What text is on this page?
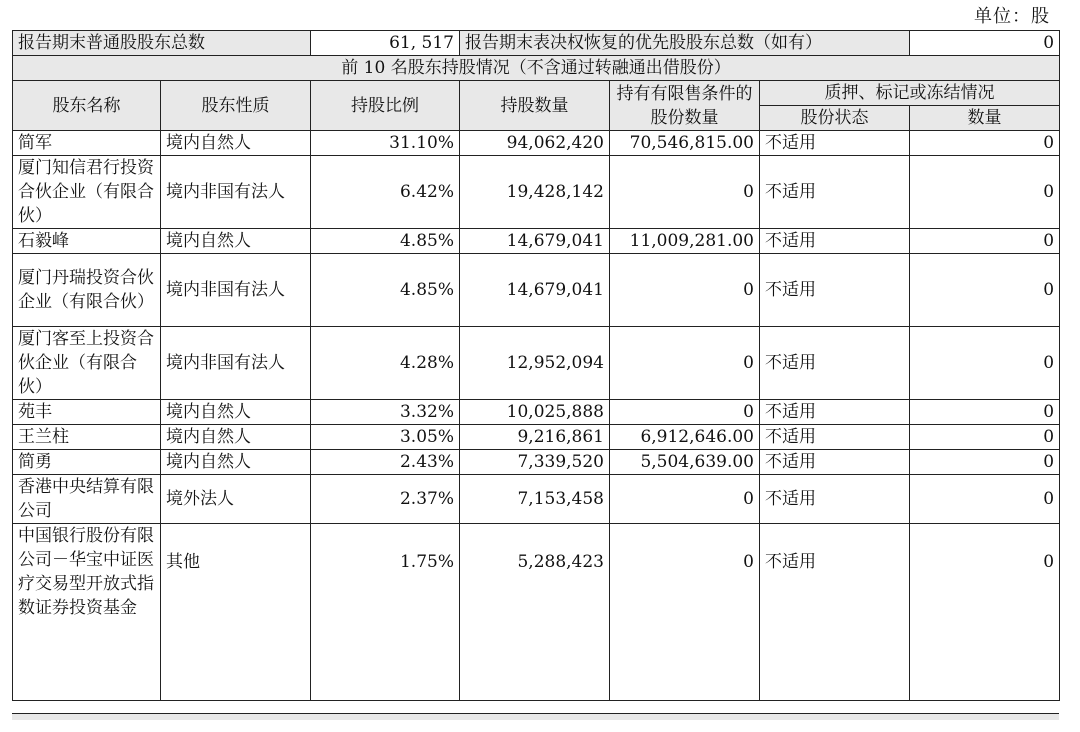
单位：股
报告期末普通股股东总数		61, 517	报告期末表决权恢复的优先股股东总数（如有）			0
前 10 名股东持股情况（不含通过转融通出借股份）						
股东名称	股东性质	持股比例	持股数量	持有有限售条件的股份数量	质押、标记或冻结情况	
					股份状态	数量
简军	境内自然人	31.10%	94,062,420	70,546,815.00	不适用	0
厦门知信君行投资合伙企业（有限合伙）	境内非国有法人	6.42%	19,428,142	0	不适用	0
石毅峰	境内自然人	4.85%	14,679,041	11,009,281.00	不适用	0
厦门丹瑞投资合伙企业（有限合伙）	境内非国有法人	4.85%	14,679,041	0	不适用	0
厦门客至上投资合伙企业（有限合伙）	境内非国有法人	4.28%	12,952,094	0	不适用	0
苑丰	境内自然人	3.32%	10,025,888	0	不适用	0
王兰柱	境内自然人	3.05%	9,216,861	6,912,646.00	不适用	0
简勇	境内自然人	2.43%	7,339,520	5,504,639.00	不适用	0
香港中央结算有限公司	境外法人	2.37%	7,153,458	0	不适用	0
中国银行股份有限公司－华宝中证医疗交易型开放式指数证券投资基金	其他	1.75%	5,288,423	0	不适用	0
